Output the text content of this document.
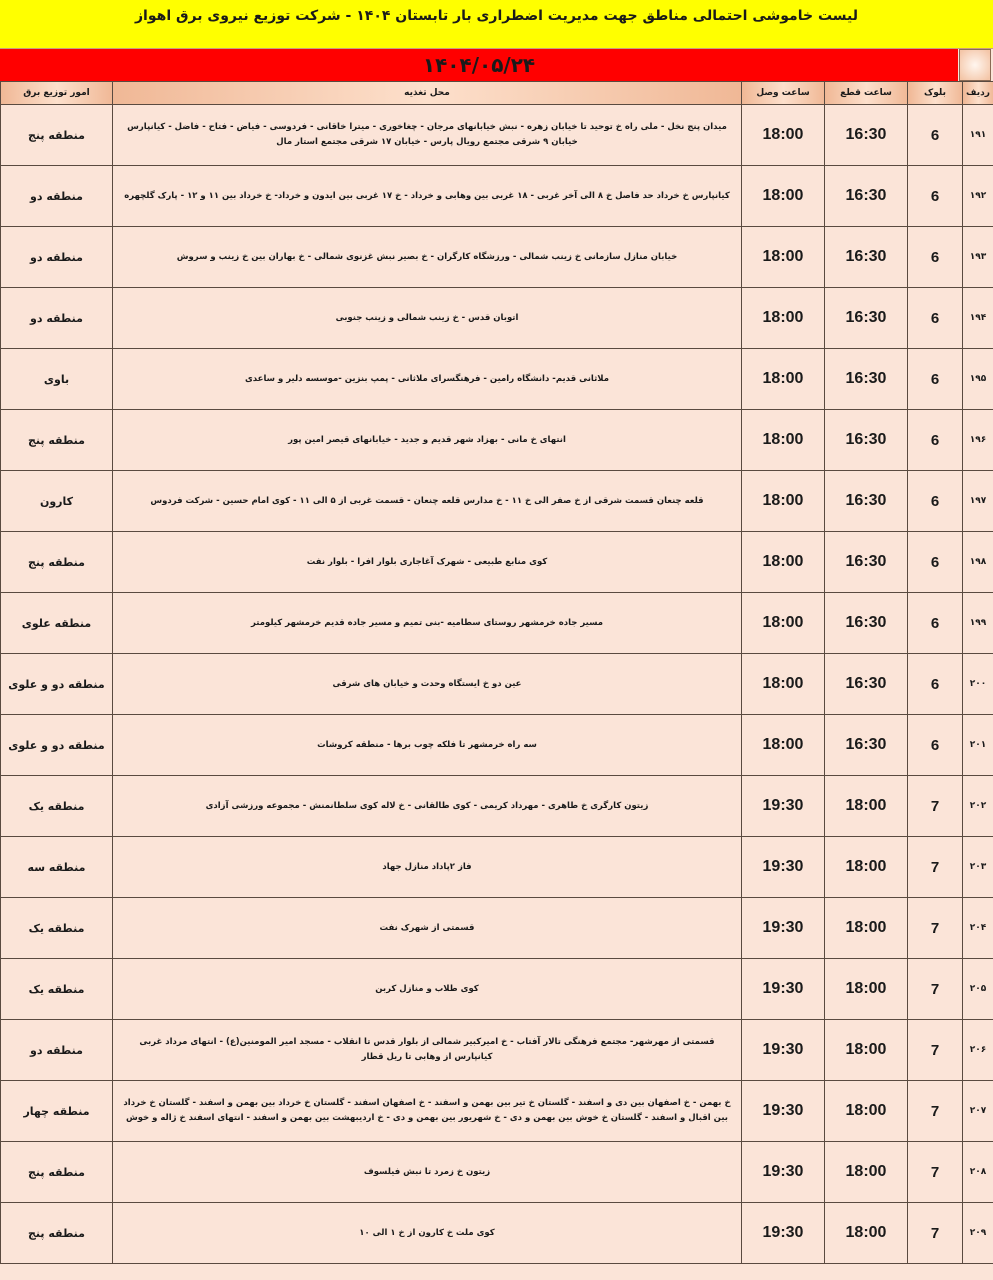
لیست خاموشی احتمالی مناطق جهت مدیریت اضطراری بار تابستان ۱۴۰۴ - شرکت توزیع نیروی برق اهواز
۱۴۰۴/۰۵/۲۴
امور توزیع برق	محل تغذیه	ساعت وصل	ساعت قطع	بلوک	ردیف
منطقه پنج	میدان پنج نخل - ملی راه خ توحید تا خیابان زهره - نبش خیابانهای مرجان - چغاخوری - میترا خاقانی - فردوسی - فیاض - فتاح - فاضل - کیانپارس خیابان ۹ شرقی مجتمع رویال پارس - خیابان ۱۷ شرقی مجتمع استار مال	18:00	16:30	6	۱۹۱
منطقه دو	کیانپارس خ خرداد حد فاصل خ ۸ الی آخر غربی - ۱۸ غربی بین وهابی و خرداد - خ ۱۷ غربی بین ایدون و خرداد- خ خرداد بین ۱۱ و ۱۲ - پارک گلچهره	18:00	16:30	6	۱۹۲
منطقه دو	خیابان منازل سازمانی خ زینب شمالی - ورزشگاه کارگران - خ بصیر نبش غزنوی شمالی - خ بهاران بین خ زینب و سروش	18:00	16:30	6	۱۹۳
منطقه دو	اتوبان قدس - خ زینب شمالی و زینب جنوبی	18:00	16:30	6	۱۹۴
باوی	ملاثانی قدیم- دانشگاه رامین - فرهنگسرای ملاثانی - پمپ بنزین -موسسه دلیر و ساعدی	18:00	16:30	6	۱۹۵
منطقه پنج	انتهای خ مانی - بهزاد شهر قدیم و جدید - خیابانهای قیصر امین پور	18:00	16:30	6	۱۹۶
کارون	قلعه چنعان قسمت شرقی از خ صفر الی خ ۱۱ - خ مدارس قلعه چنعان - قسمت غربی از ۵ الی ۱۱ - کوی امام حسین - شرکت فردوس	18:00	16:30	6	۱۹۷
منطقه پنج	کوی منابع طبیعی - شهرک آغاجاری بلوار افرا - بلوار نفت	18:00	16:30	6	۱۹۸
منطقه علوی	مسیر جاده خرمشهر روستای سطامیه -بنی تمیم و مسیر جاده قدیم خرمشهر کیلومتر	18:00	16:30	6	۱۹۹
منطقه دو و علوی	عین دو خ ایستگاه وحدت و خیابان های شرقی	18:00	16:30	6	۲۰۰
منطقه دو و علوی	سه راه خرمشهر تا فلکه چوب برها - منطقه کروشات	18:00	16:30	6	۲۰۱
منطقه یک	زیتون کارگری خ طاهری - مهرداد کریمی - کوی طالقانی - خ لاله کوی سلطانمنش - مجموعه ورزشی آزادی	19:30	18:00	7	۲۰۲
منطقه سه	فاز ۲پاداد منازل جهاد	19:30	18:00	7	۲۰۳
منطقه یک	قسمتی از شهرک نفت	19:30	18:00	7	۲۰۴
منطقه یک	کوی طلاب و منازل کربن	19:30	18:00	7	۲۰۵
منطقه دو	قسمتی از مهرشهر- مجتمع فرهنگی تالار آفتاب - خ امیرکبیر شمالی از بلوار قدس تا انقلاب - مسجد امیر المومنین(ع) - انتهای مرداد غربی کیانپارس از وهابی تا ریل قطار	19:30	18:00	7	۲۰۶
منطقه چهار	خ بهمن - خ اصفهان بین دی و اسفند - گلستان خ تیر بین بهمن و اسفند - خ اصفهان اسفند - گلستان خ خرداد بین بهمن و اسفند - گلستان خ خرداد بین اقبال و اسفند - گلستان خ خوش بین بهمن و دی - خ شهریور بین بهمن و دی - خ اردیبهشت بین بهمن و اسفند - انتهای اسفند خ ژاله و خوش	19:30	18:00	7	۲۰۷
منطقه پنج	زیتون خ زمرد تا نبش فیلسوف	19:30	18:00	7	۲۰۸
منطقه پنج	کوی ملت خ کارون از خ ۱ الی ۱۰	19:30	18:00	7	۲۰۹
